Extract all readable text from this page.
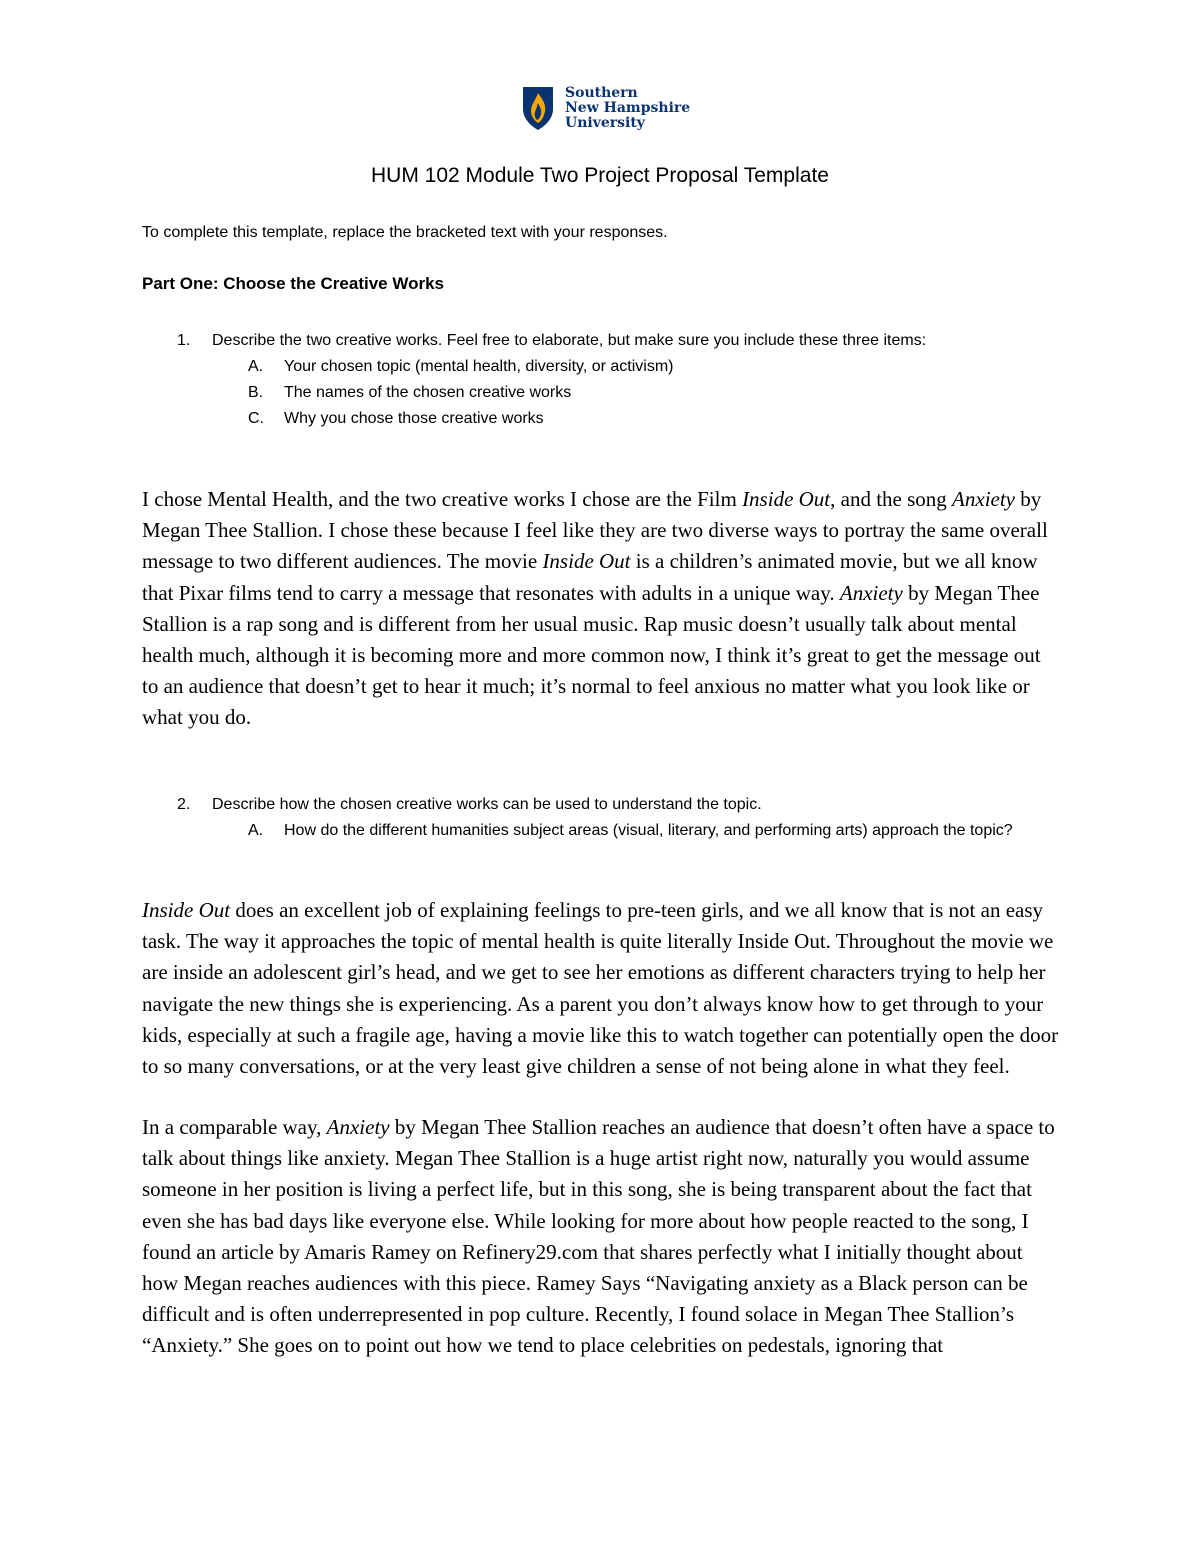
Southern
New Hampshire
University
HUM 102 Module Two Project Proposal Template

To complete this template, replace the bracketed text with your responses.

Part One: Choose the Creative Works
1. Describe the two creative works. Feel free to elaborate, but make sure you include these three items:
A. Your chosen topic (mental health, diversity, or activism)
B. The names of the chosen creative works
C. Why you chose those creative works

I chose Mental Health, and the two creative works I chose are the Film Inside Out, and the song Anxiety by Megan Thee Stallion. I chose these because I feel like they are two diverse ways to portray the same overall message to two different audiences. The movie Inside Out is a children’s animated movie, but we all know that Pixar films tend to carry a message that resonates with adults in a unique way. Anxiety by Megan Thee Stallion is a rap song and is different from her usual music. Rap music doesn’t usually talk about mental health much, although it is becoming more and more common now, I think it’s great to get the message out to an audience that doesn’t get to hear it much; it’s normal to feel anxious no matter what you look like or what you do.

2. Describe how the chosen creative works can be used to understand the topic.
A. How do the different humanities subject areas (visual, literary, and performing arts) approach the topic?

Inside Out does an excellent job of explaining feelings to pre-teen girls, and we all know that is not an easy task. The way it approaches the topic of mental health is quite literally Inside Out. Throughout the movie we are inside an adolescent girl’s head, and we get to see her emotions as different characters trying to help her navigate the new things she is experiencing. As a parent you don’t always know how to get through to your kids, especially at such a fragile age, having a movie like this to watch together can potentially open the door to so many conversations, or at the very least give children a sense of not being alone in what they feel.

In a comparable way, Anxiety by Megan Thee Stallion reaches an audience that doesn’t often have a space to talk about things like anxiety. Megan Thee Stallion is a huge artist right now, naturally you would assume someone in her position is living a perfect life, but in this song, she is being transparent about the fact that even she has bad days like everyone else. While looking for more about how people reacted to the song, I found an article by Amaris Ramey on Refinery29.com that shares perfectly what I initially thought about how Megan reaches audiences with this piece. Ramey Says “Navigating anxiety as a Black person can be difficult and is often underrepresented in pop culture. Recently, I found solace in Megan Thee Stallion’s “Anxiety.” She goes on to point out how we tend to place celebrities on pedestals, ignoring that
